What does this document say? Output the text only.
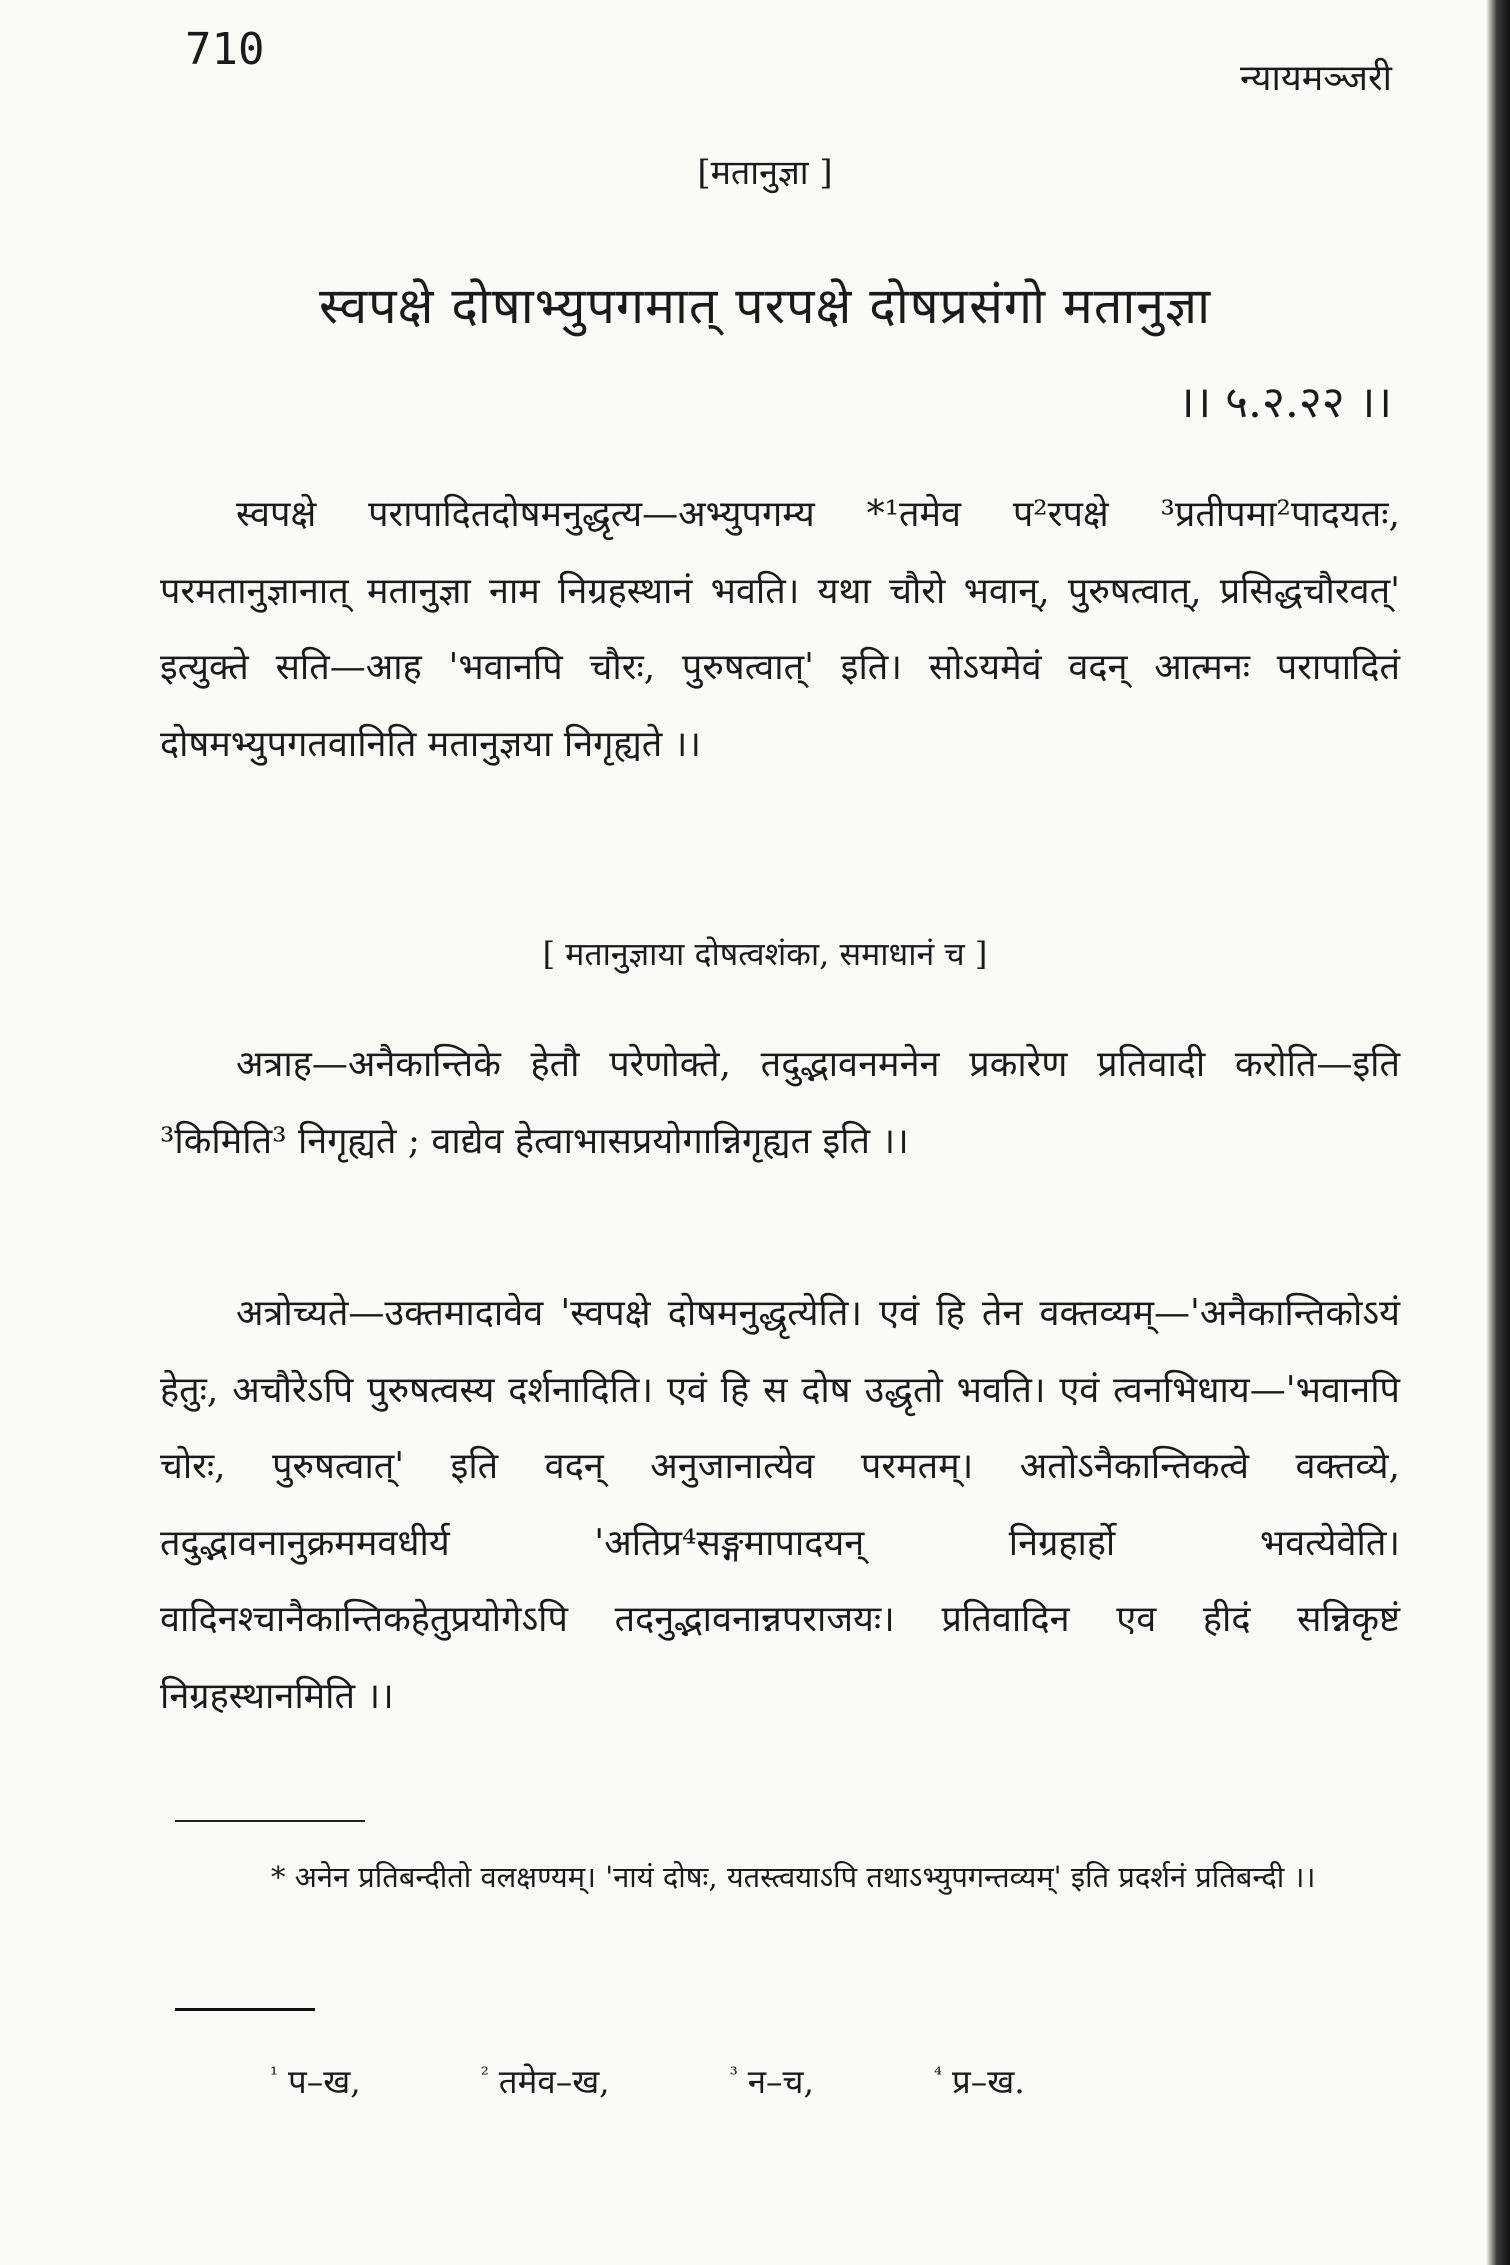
710
न्यायमञ्जरी
[मतानुज्ञा ]
स्वपक्षे दोषाभ्युपगमात् परपक्षे दोषप्रसंगो मतानुज्ञा
।। ५.२.२२ ।।
स्वपक्षे परापादितदोषमनुद्धृत्य—अभ्युपगम्य *¹तमेव प²रपक्षे ³प्रतीपमा²पादयतः, परमतानुज्ञानात् मतानुज्ञा नाम निग्रहस्थानं भवति। यथा चौरो भवान्, पुरुषत्वात्, प्रसिद्धचौरवत्' इत्युक्ते सति—आह 'भवानपि चौरः, पुरुषत्वात्' इति। सोऽयमेवं वदन् आत्मनः परापादितं दोषमभ्युपगतवानिति मतानुज्ञया निगृह्यते ।।
[ मतानुज्ञाया दोषत्वशंका, समाधानं च ]
अत्राह—अनैकान्तिके हेतौ परेणोक्ते, तदुद्भावनमनेन प्रकारेण प्रतिवादी करोति—इति ³किमिति³ निगृह्यते ; वाद्येव हेत्वाभासप्रयोगान्निगृह्यत इति ।।
अत्रोच्यते—उक्तमादावेव 'स्वपक्षे दोषमनुद्धृत्येति। एवं हि तेन वक्तव्यम्—'अनैकान्तिकोऽयं हेतुः, अचौरेऽपि पुरुषत्वस्य दर्शनादिति। एवं हि स दोष उद्धृतो भवति। एवं त्वनभिधाय—'भवानपि चोरः, पुरुषत्वात्' इति वदन् अनुजानात्येव परमतम्। अतोऽनैकान्तिकत्वे वक्तव्ये, तदुद्भावनानुक्रममवधीर्य 'अतिप्र⁴सङ्गमापादयन् निग्रहार्हो भवत्येवेति। वादिनश्चानैकान्तिकहेतुप्रयोगेऽपि तदनुद्भावनान्नपराजयः। प्रतिवादिन एव हीदं सन्निकृष्टं निग्रहस्थानमिति ।।
* अनेन प्रतिबन्दीतो वलक्षण्यम्। 'नायं दोषः, यतस्त्वयाऽपि तथाऽभ्युपगन्तव्यम्' इति प्रदर्शनं प्रतिबन्दी ।।
$^{^1}$ प–ख,	$^{^2}$ तमेव–ख,	$^{^3}$ न–च,	$^{^4}$ प्र–ख.
